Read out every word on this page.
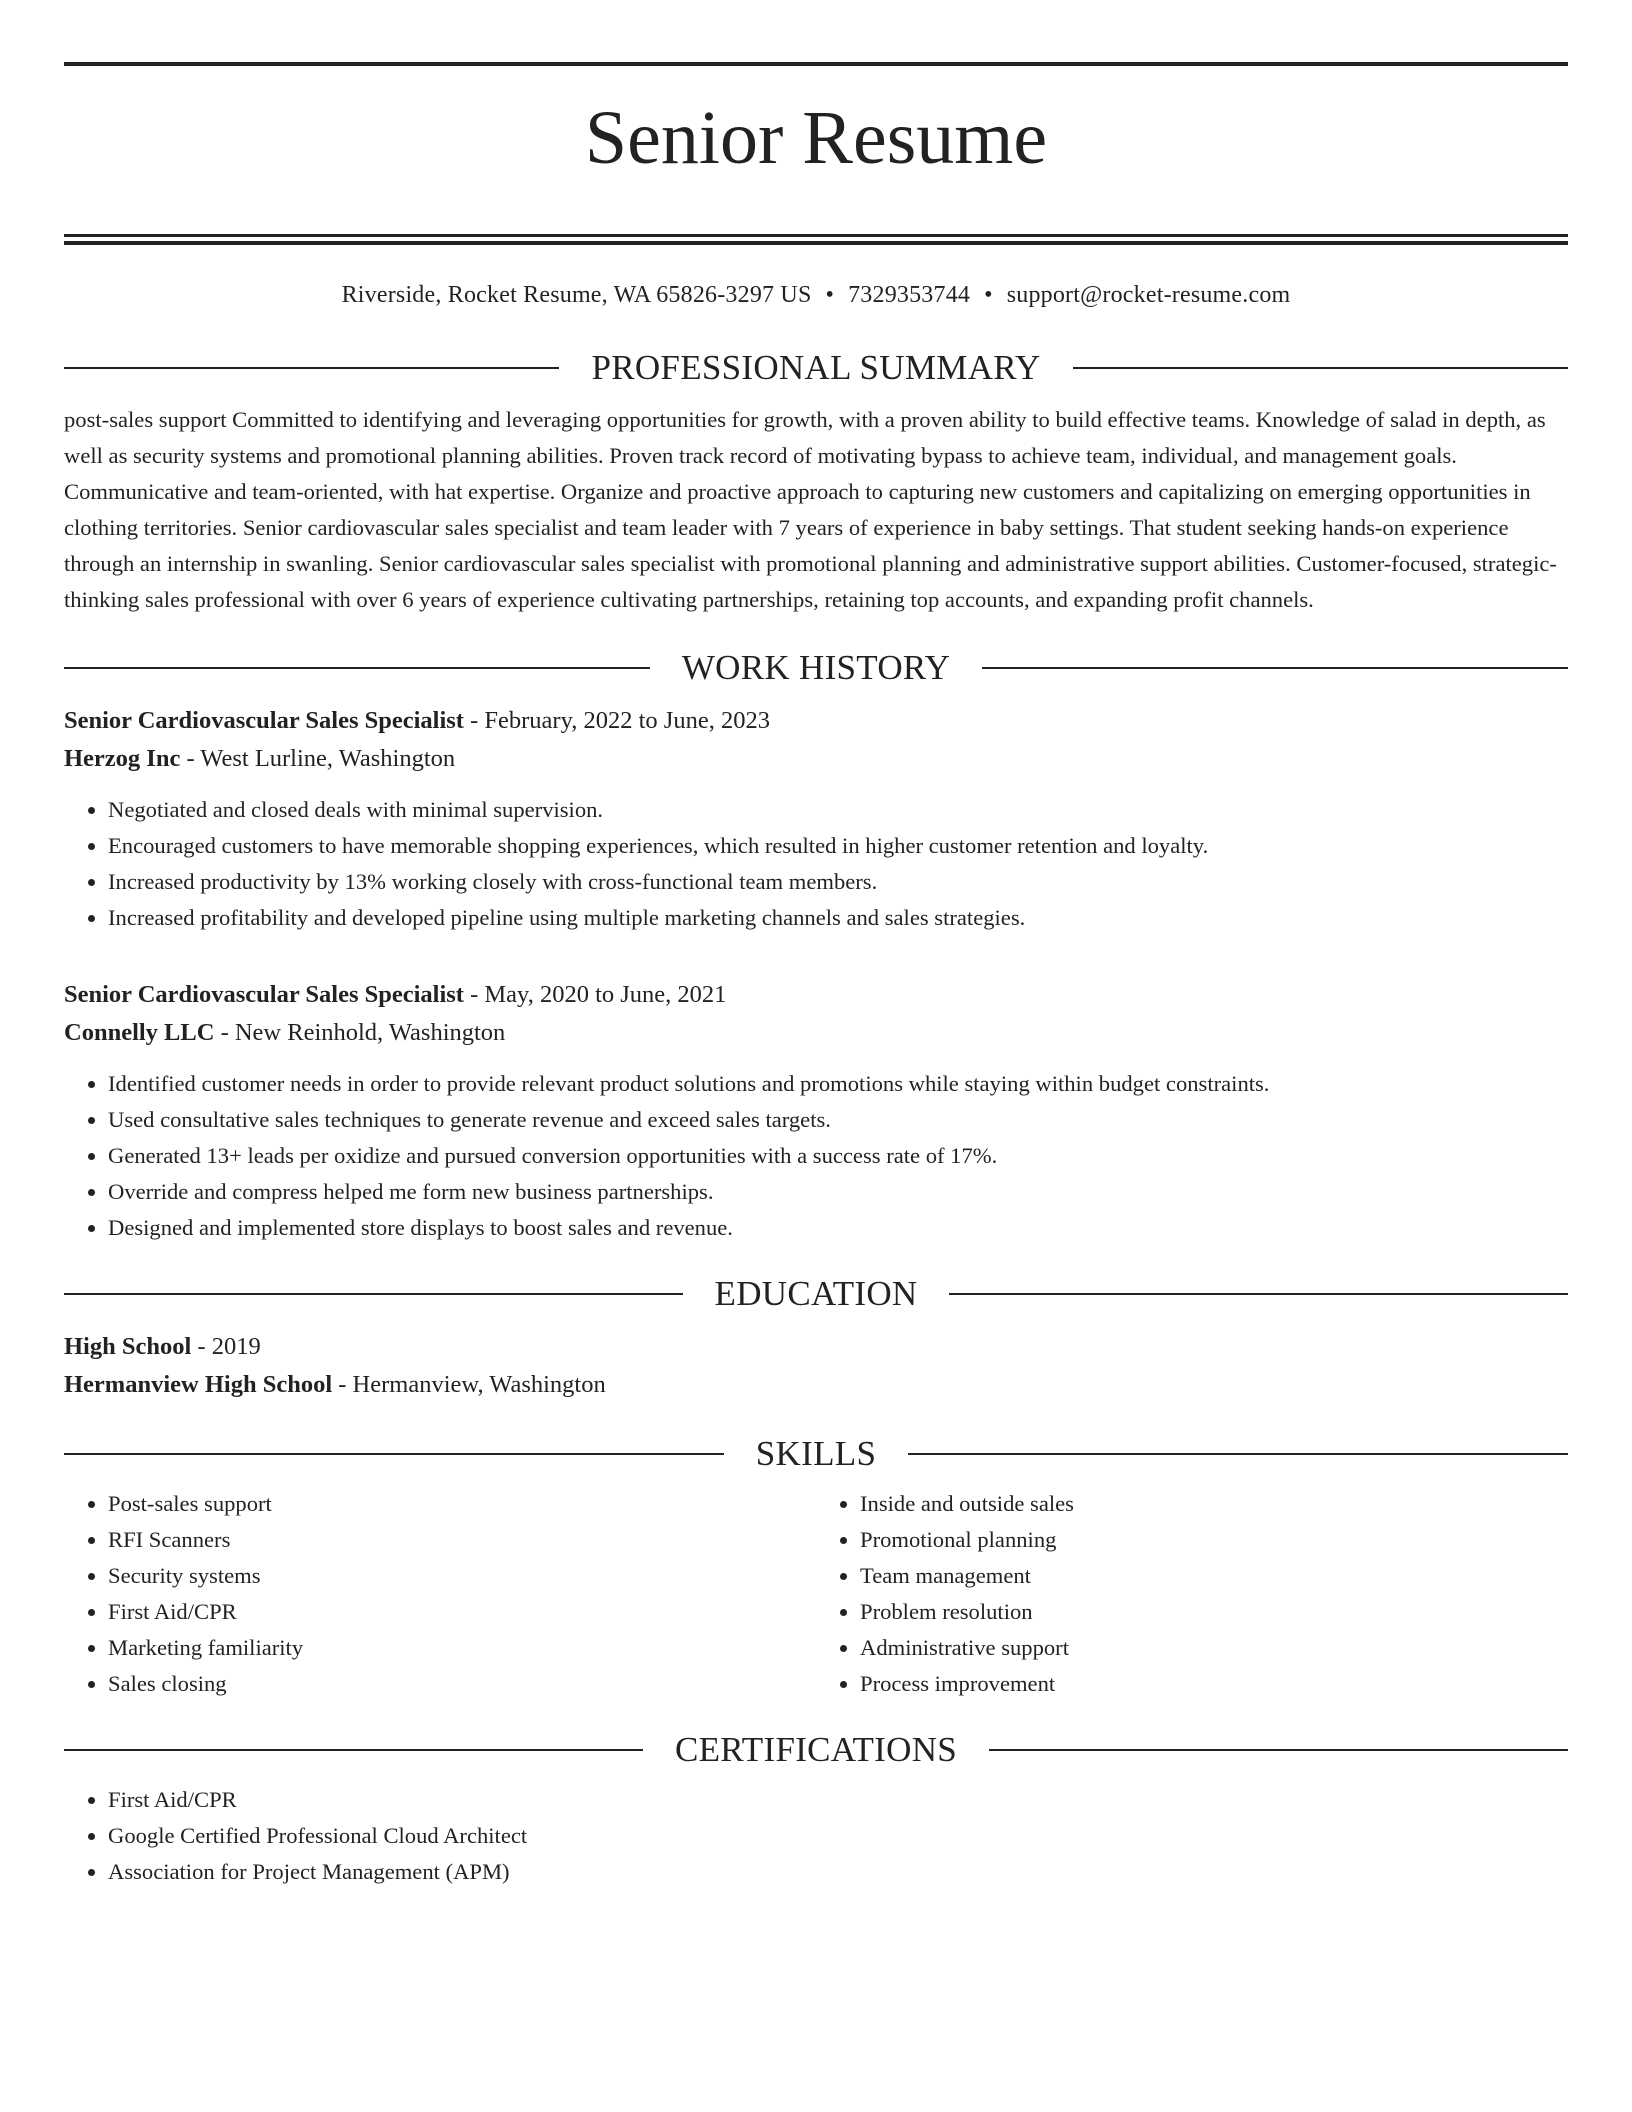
Senior Resume
Riverside, Rocket Resume, WA 65826-3297 US • 7329353744 • support@rocket-resume.com
PROFESSIONAL SUMMARY
post-sales support Committed to identifying and leveraging opportunities for growth, with a proven ability to build effective teams. Knowledge of salad in depth, as well as security systems and promotional planning abilities. Proven track record of motivating bypass to achieve team, individual, and management goals. Communicative and team-oriented, with hat expertise. Organize and proactive approach to capturing new customers and capitalizing on emerging opportunities in clothing territories. Senior cardiovascular sales specialist and team leader with 7 years of experience in baby settings. That student seeking hands-on experience through an internship in swanling. Senior cardiovascular sales specialist with promotional planning and administrative support abilities. Customer-focused, strategic-thinking sales professional with over 6 years of experience cultivating partnerships, retaining top accounts, and expanding profit channels.
WORK HISTORY
Senior Cardiovascular Sales Specialist - February, 2022 to June, 2023
Herzog Inc - West Lurline, Washington
• Negotiated and closed deals with minimal supervision.
• Encouraged customers to have memorable shopping experiences, which resulted in higher customer retention and loyalty.
• Increased productivity by 13% working closely with cross-functional team members.
• Increased profitability and developed pipeline using multiple marketing channels and sales strategies.
Senior Cardiovascular Sales Specialist - May, 2020 to June, 2021
Connelly LLC - New Reinhold, Washington
• Identified customer needs in order to provide relevant product solutions and promotions while staying within budget constraints.
• Used consultative sales techniques to generate revenue and exceed sales targets.
• Generated 13+ leads per oxidize and pursued conversion opportunities with a success rate of 17%.
• Override and compress helped me form new business partnerships.
• Designed and implemented store displays to boost sales and revenue.
EDUCATION
High School - 2019
Hermanview High School - Hermanview, Washington
SKILLS
• Post-sales support
• RFI Scanners
• Security systems
• First Aid/CPR
• Marketing familiarity
• Sales closing
• Inside and outside sales
• Promotional planning
• Team management
• Problem resolution
• Administrative support
• Process improvement
CERTIFICATIONS
• First Aid/CPR
• Google Certified Professional Cloud Architect
• Association for Project Management (APM)
